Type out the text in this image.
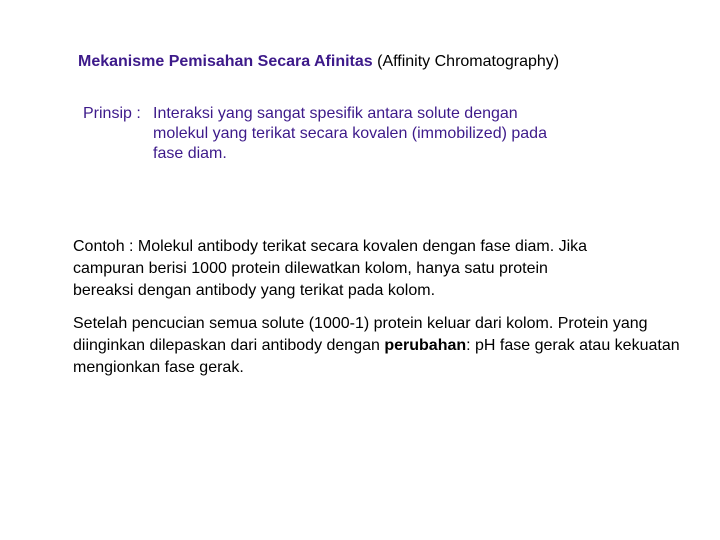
Mekanisme Pemisahan Secara Afinitas (Affinity Chromatography)
Prinsip : Interaksi yang sangat spesifik antara solute dengan
molekul yang terikat secara kovalen (immobilized) pada
fase diam.
Contoh : Molekul antibody terikat secara kovalen dengan fase diam. Jika
campuran berisi 1000 protein dilewatkan kolom, hanya satu protein
bereaksi dengan antibody yang terikat pada kolom.
Setelah pencucian semua solute (1000-1) protein keluar dari kolom. Protein yang diinginkan dilepaskan dari antibody dengan perubahan: pH fase gerak atau kekuatan mengionkan fase gerak.
